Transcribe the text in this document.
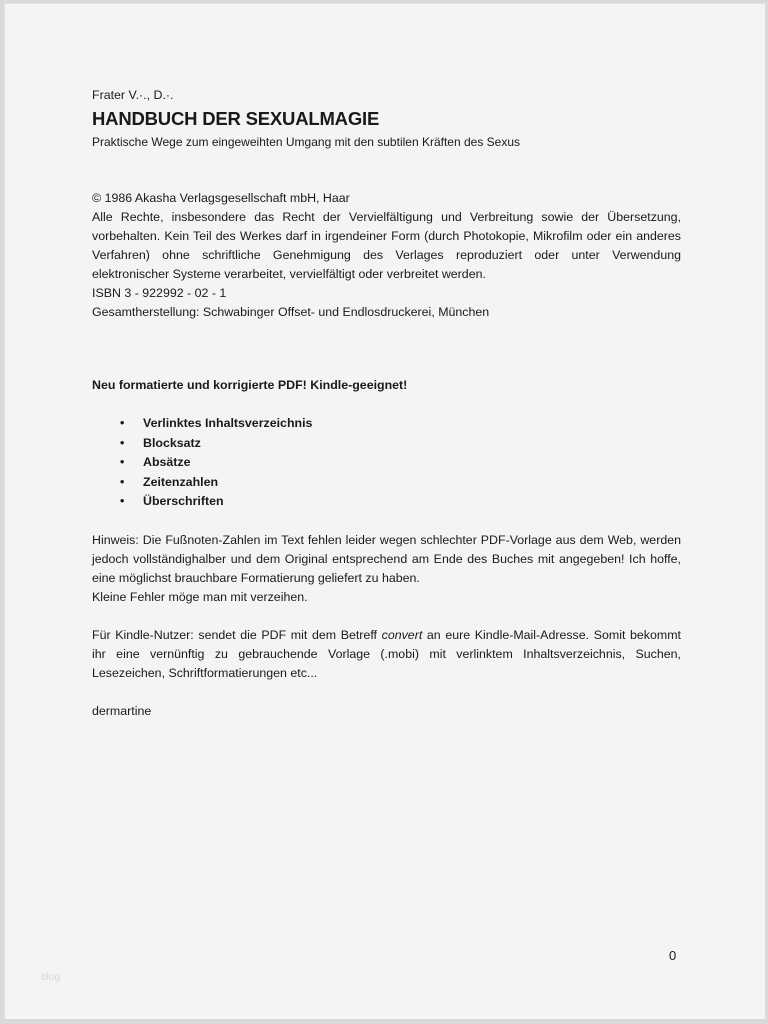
Frater V.·., D.·.

HANDBUCH DER SEXUALMAGIE

Praktische Wege zum eingeweihten Umgang mit den subtilen Kräften des Sexus

© 1986 Akasha Verlagsgesellschaft mbH, Haar

Alle Rechte, insbesondere das Recht der Vervielfältigung und Verbreitung sowie der Übersetzung, vorbehalten. Kein Teil des Werkes darf in irgendeiner Form (durch Photokopie, Mikrofilm oder ein anderes Verfahren) ohne schriftliche Genehmigung des Verlages reproduziert oder unter Verwendung elektronischer Systeme verarbeitet, vervielfältigt oder verbreitet werden.

ISBN 3 - 922992 - 02 - 1

Gesamtherstellung: Schwabinger Offset- und Endlosdruckerei, München

Neu formatierte und korrigierte PDF! Kindle-geeignet!

• Verlinktes Inhaltsverzeichnis
• Blocksatz
• Absätze
• Zeitenzahlen
• Überschriften

Hinweis: Die Fußnoten-Zahlen im Text fehlen leider wegen schlechter PDF-Vorlage aus dem Web, werden jedoch vollständighalber und dem Original entsprechend am Ende des Buches mit angegeben! Ich hoffe, eine möglichst brauchbare Formatierung geliefert zu haben.

Kleine Fehler möge man mit verzeihen.

Für Kindle-Nutzer: sendet die PDF mit dem Betreff convert an eure Kindle-Mail-Adresse. Somit bekommt ihr eine vernünftig zu gebrauchende Vorlage (.mobi) mit verlinktem Inhaltsverzeichnis, Suchen, Lesezeichen, Schriftformatierungen etc...

dermartine

0
blog
